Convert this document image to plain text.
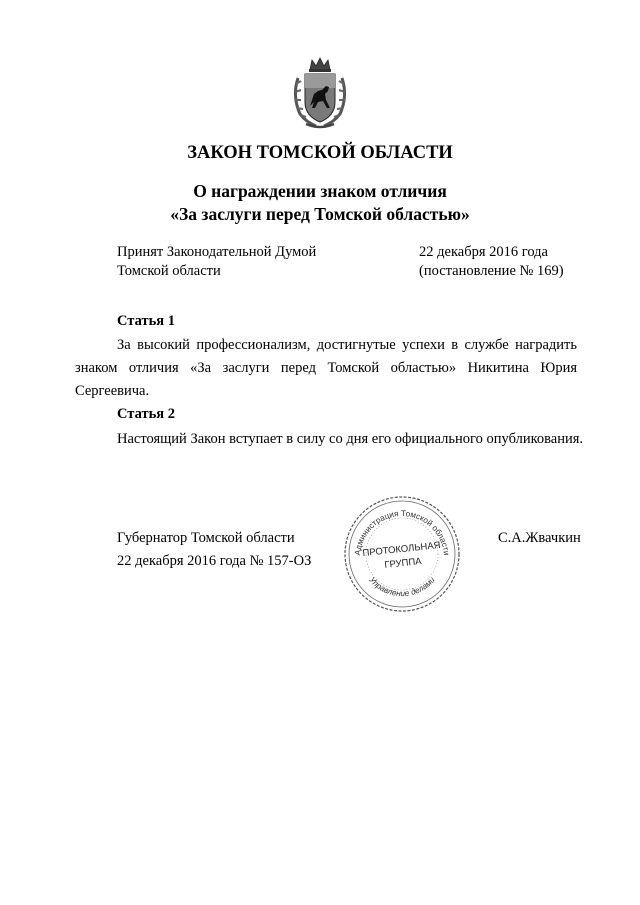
ЗАКОН ТОМСКОЙ ОБЛАСТИ
О награждении знаком отличия
«За заслуги перед Томской областью»
Принят Законодательной Думой
Томской области
22 декабря 2016 года
(постановление № 169)
Статья 1
За высокий профессионализм, достигнутые успехи в службе наградить
знаком отличия «За заслуги перед Томской областью» Никитина Юрия Сергеевича.
Статья 2
Настоящий Закон вступает в силу со дня его официального опубликования.
Губернатор Томской области
22 декабря 2016 года № 157-ОЗ
С.А.Жвачкин
Администрация Томской области
Управление делами
ПРОТОКОЛЬНАЯ
ГРУППА
